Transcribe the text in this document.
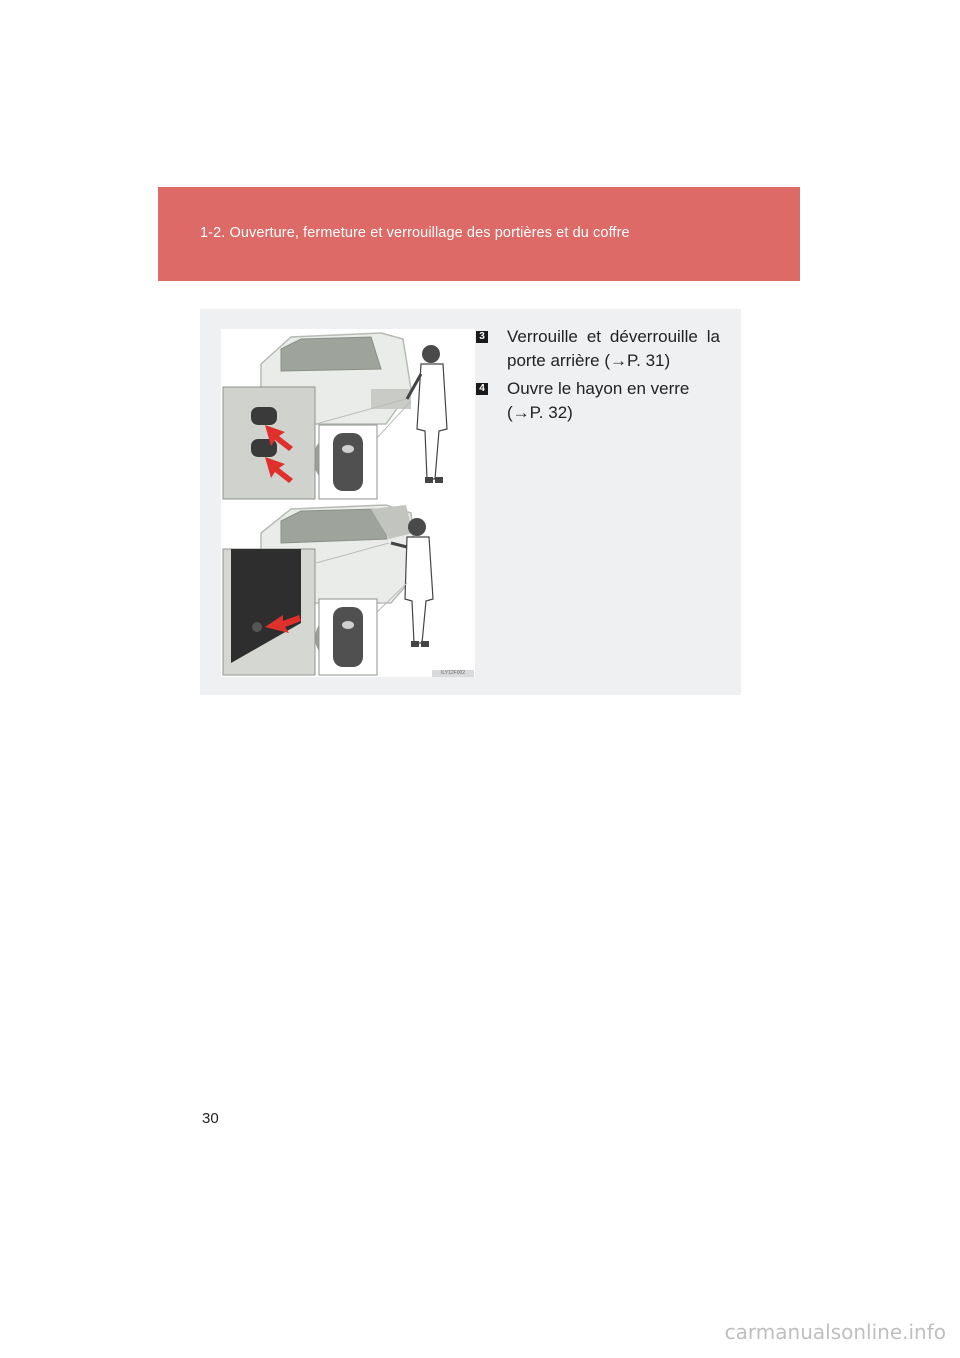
1-2. Ouverture, fermeture et verrouillage des portières et du coffre
ILY12F002
3 Verrouille et déverrouille la porte arrière (→P. 31)
4 Ouvre le hayon en verre (→P. 32)
30
carmanualsonline.info
